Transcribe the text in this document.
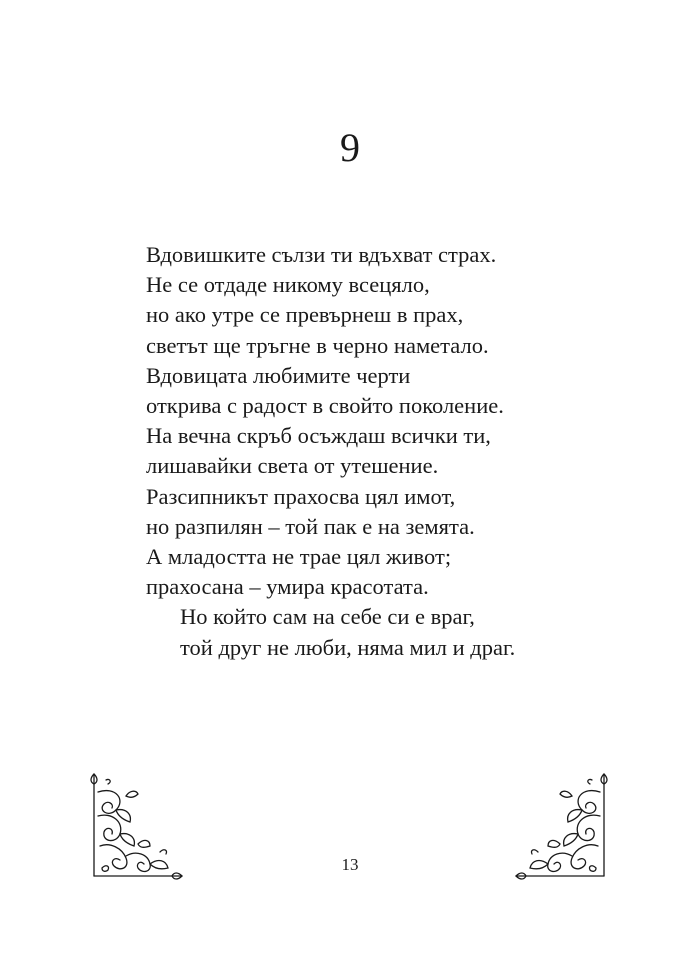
9
Вдовишките сълзи ти вдъхват страх.
Не се отдаде никому всецяло,
но ако утре се превърнеш в прах,
светът ще тръгне в черно наметало.
Вдовицата любимите черти
открива с радост в свойто поколение.
На вечна скръб осъждаш всички ти,
лишавайки света от утешение.
Разсипникът прахосва цял имот,
но разпилян – той пак е на земята.
А младостта не трае цял живот;
прахосана – умира красотата.
Но който сам на себе си е враг,
той друг не люби, няма мил и драг.
13
